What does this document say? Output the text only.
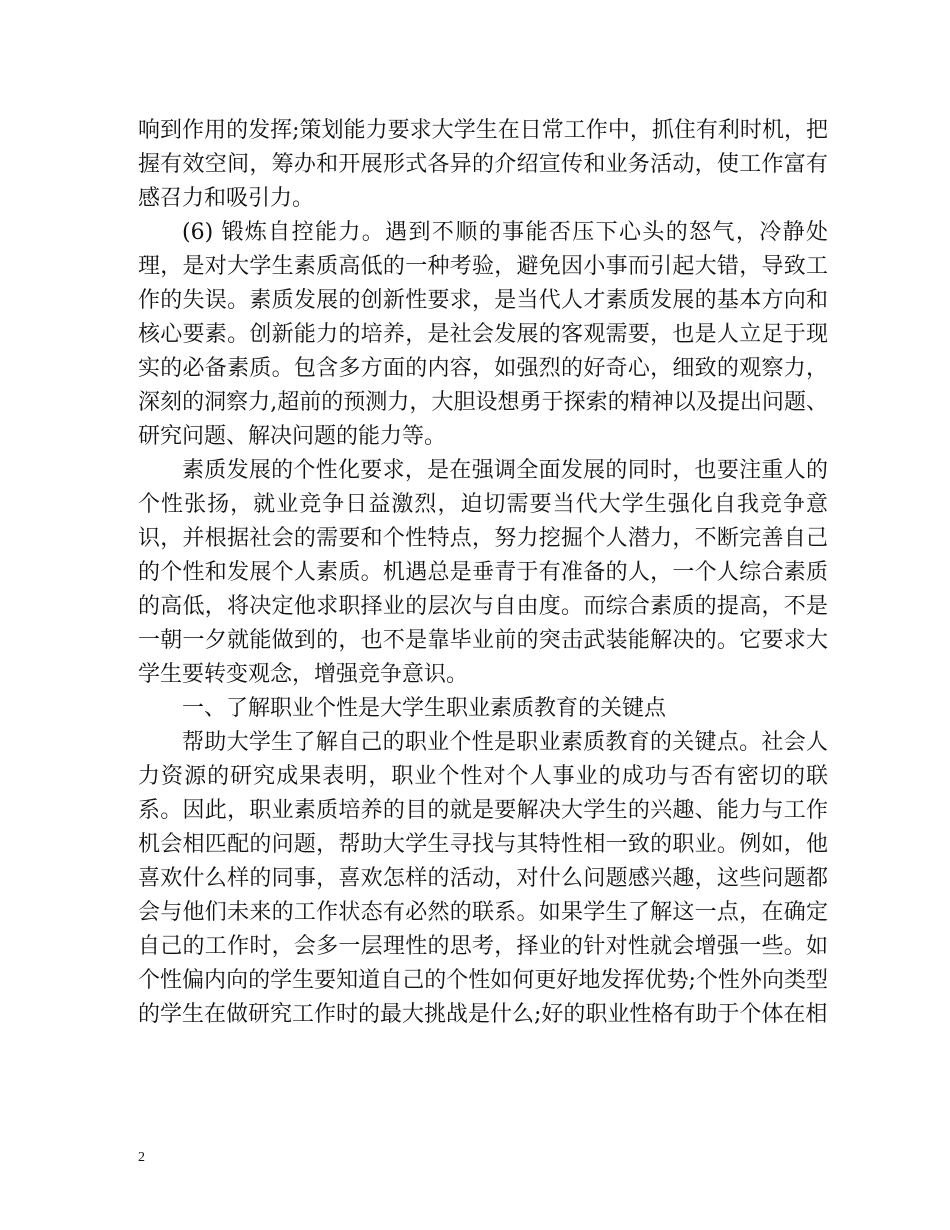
响到作用的发挥;策划能力要求大学生在日常工作中，抓住有利时机，把握有效空间，筹办和开展形式各异的介绍宣传和业务活动，使工作富有感召力和吸引力。

(6) 锻炼自控能力。遇到不顺的事能否压下心头的怒气，冷静处理，是对大学生素质高低的一种考验，避免因小事而引起大错，导致工作的失误。素质发展的创新性要求，是当代人才素质发展的基本方向和核心要素。创新能力的培养，是社会发展的客观需要，也是人立足于现实的必备素质。包含多方面的内容，如强烈的好奇心，细致的观察力，深刻的洞察力,超前的预测力，大胆设想勇于探索的精神以及提出问题、研究问题、解决问题的能力等。

素质发展的个性化要求，是在强调全面发展的同时，也要注重人的个性张扬，就业竞争日益激烈，迫切需要当代大学生强化自我竞争意识，并根据社会的需要和个性特点，努力挖掘个人潜力，不断完善自己的个性和发展个人素质。机遇总是垂青于有准备的人，一个人综合素质的高低，将决定他求职择业的层次与自由度。而综合素质的提高，不是一朝一夕就能做到的，也不是靠毕业前的突击武装能解决的。它要求大学生要转变观念，增强竞争意识。

一、了解职业个性是大学生职业素质教育的关键点

帮助大学生了解自己的职业个性是职业素质教育的关键点。社会人力资源的研究成果表明，职业个性对个人事业的成功与否有密切的联系。因此，职业素质培养的目的就是要解决大学生的兴趣、能力与工作机会相匹配的问题，帮助大学生寻找与其特性相一致的职业。例如，他喜欢什么样的同事，喜欢怎样的活动，对什么问题感兴趣，这些问题都会与他们未来的工作状态有必然的联系。如果学生了解这一点，在确定自己的工作时，会多一层理性的思考，择业的针对性就会增强一些。如个性偏内向的学生要知道自己的个性如何更好地发挥优势;个性外向类型的学生在做研究工作时的最大挑战是什么;好的职业性格有助于个体在相

2
